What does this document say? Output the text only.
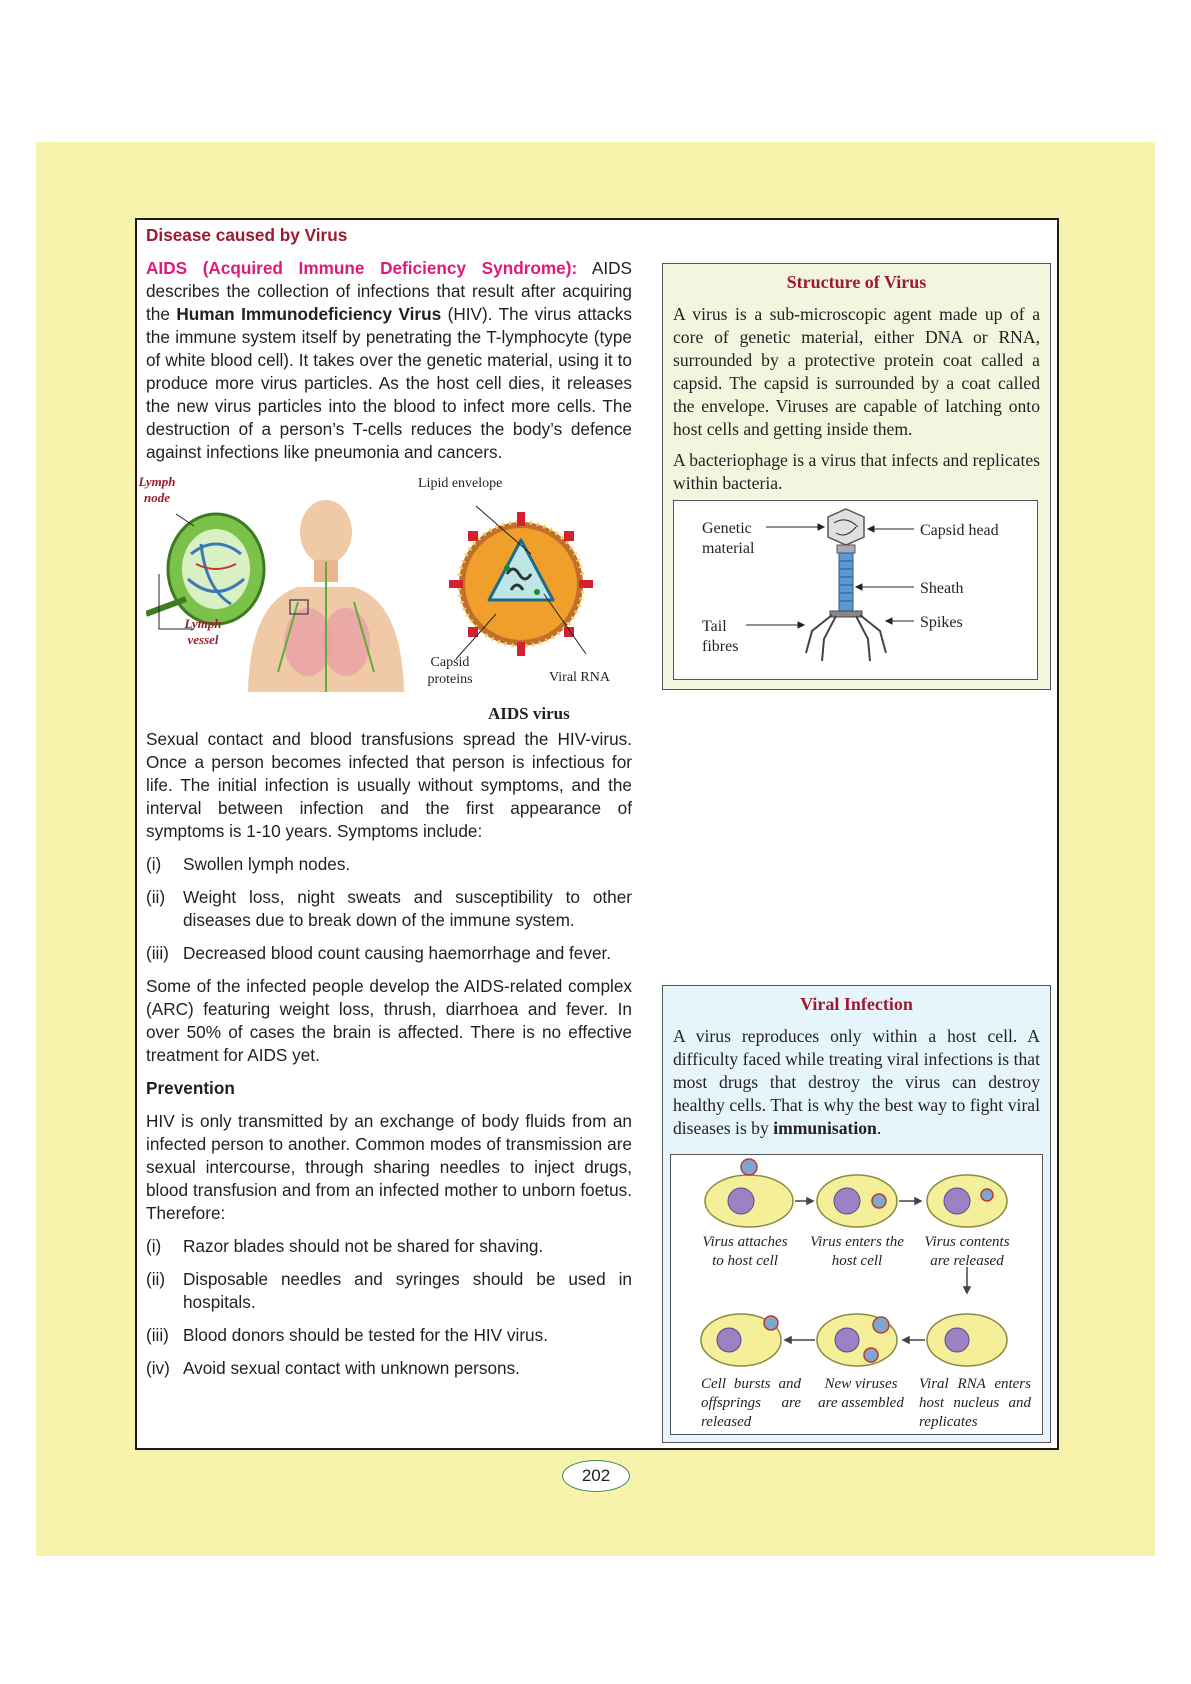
Disease caused by Virus

AIDS (Acquired Immune Deficiency Syndrome): AIDS describes the collection of infections that result after acquiring the Human Immunodeficiency Virus (HIV). The virus attacks the immune system itself by penetrating the T-lymphocyte (type of white blood cell). It takes over the genetic material, using it to produce more virus particles. As the host cell dies, it releases the new virus particles into the blood to infect more cells. The destruction of a person’s T-cells reduces the body’s defence against infections like pneumonia and cancers.

Lymph node
Lymph vessel
Lipid envelope
Capsid proteins	Viral RNA
AIDS virus

Sexual contact and blood transfusions spread the HIV-virus. Once a person becomes infected that person is infectious for life. The initial infection is usually without symptoms, and the interval between infection and the first appearance of symptoms is 1-10 years. Symptoms include:

(i) Swollen lymph nodes.
(ii) Weight loss, night sweats and susceptibility to other diseases due to break down of the immune system.
(iii) Decreased blood count causing haemorrhage and fever.

Some of the infected people develop the AIDS-related complex (ARC) featuring weight loss, thrush, diarrhoea and fever. In over 50% of cases the brain is affected. There is no effective treatment for AIDS yet.

Prevention

HIV is only transmitted by an exchange of body fluids from an infected person to another. Common modes of transmission are sexual intercourse, through sharing needles to inject drugs, blood transfusion and from an infected mother to unborn foetus. Therefore:

(i) Razor blades should not be shared for shaving.
(ii) Disposable needles and syringes should be used in hospitals.
(iii) Blood donors should be tested for the HIV virus.
(iv) Avoid sexual contact with unknown persons.
Structure of Virus

A virus is a sub-microscopic agent made up of a core of genetic material, either DNA or RNA, surrounded by a protective protein coat called a capsid. The capsid is surrounded by a coat called the envelope. Viruses are capable of latching onto host cells and getting inside them.

A bacteriophage is a virus that infects and replicates within bacteria.

Genetic material
Capsid head
Sheath
Spikes
Tail fibres
Viral Infection

A virus reproduces only within a host cell. A difficulty faced while treating viral infections is that most drugs that destroy the virus can destroy healthy cells. That is why the best way to fight viral diseases is by immunisation.

Virus attaches to host cell
Virus enters the host cell
Virus contents are released
Viral RNA enters host nucleus and replicates
New viruses are assembled
Cell bursts and offsprings are released
202
